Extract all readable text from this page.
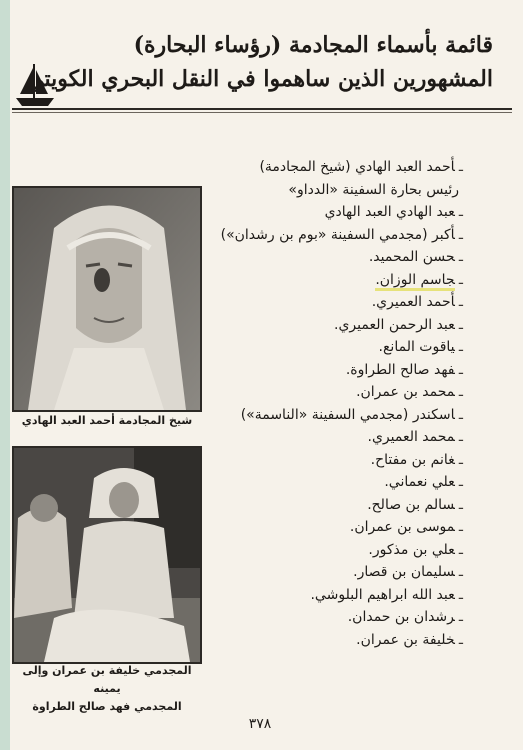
قائمة بأسماء المجادمة (رؤساء البحارة)
المشهورين الذين ساهموا في النقل البحري الكويتي
ـأحمد العبد الهادي (شيخ المجادمة)
رئيس بحارة السفينة «الدداو»
ـعبد الهادي العبد الهادي
ـأكبر (مجدمي السفينة «بوم بن رشدان»)
ـحسن المحميد.
ـجاسم الوزان.
ـأحمد العميري.
ـعبد الرحمن العميري.
ـياقوت المانع.
ـفهد صالح الطراوة.
ـمحمد بن عمران.
ـاسكندر (مجدمي السفينة «الناسمة»)
ـمحمد العميري.
ـغانم بن مفتاح.
ـعلي نعماني.
ـسالم بن صالح.
ـموسى بن عمران.
ـعلي بن مذكور.
ـسليمان بن قصار.
ـعبد الله ابراهيم البلوشي.
ـرشدان بن حمدان.
ـخليفة بن عمران.
شيخ المجادمة أحمد العبد الهادي
المجدمي خليفة بن عمران وإلى يمينه
المجدمي فهد صالح الطراوة
٣٧٨
